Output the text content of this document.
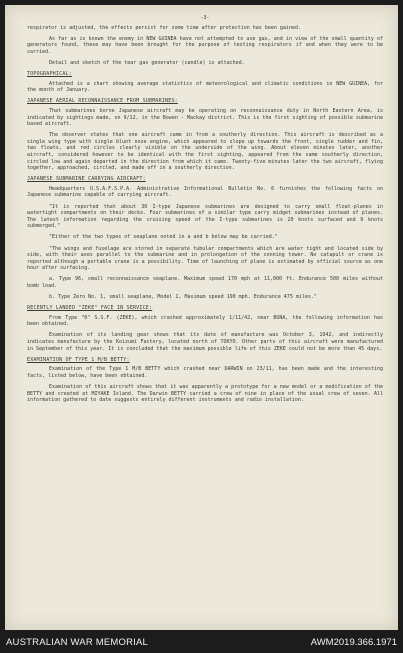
-3-

respirator is adjusted, the effects persist for some time after protection has been gained.

As far as is known the enemy in NEW GUINEA have not attempted to use gas, and in view of the small quantity of generators found, these may have been brought for the purpose of testing respirators if and when they were to be carried.

Detail and sketch of the tear gas generator (candle) is attached.

TOPOGRAPHICAL:

Attached is a chart showing average statistics of meteorological and climatic conditions in NEW GUINEA, for the month of January.

JAPANESE AERIAL RECONNAISSANCE FROM SUBMARINES:

That submarines borne Japanese aircraft may be operating on reconnaissance duty in North Eastern Area, is indicated by sightings made, on 9/12, in the Bowen - Mackay district. This is the first sighting of possible submarine based aircraft.

The observer states that one aircraft came in from a southerly direction. This aircraft is described as a single wing type with single blunt nose engine, which appeared to slope up towards the front, single rudder and fin, two floats, and red circles clearly visible on the underside of the wing. About eleven minutes later, another aircraft, considered however to be identical with the first sighting, appeared from the same southerly direction, circled low and again departed in the direction from which it came. Twenty-five minutes later the two aircraft, flying together, approached, circled, and made off in a southerly direction.

JAPANESE SUBMARINE CARRYING AIRCRAFT:

Headquarters U.S.A.F.S.P.A. Administrative Informational Bulletin No. 6 furnishes the following facts on Japanese submarine capable of carrying aircraft.

"It is reported that about 30 I-type Japanese submarines are designed to carry small float-planes in watertight compartments on their decks. Four submarines of a similar type carry midget submarines instead of planes. The latest information regarding the cruising speed of the I-type submarines is 20 knots surfaced and 9 knots submerged."

"Either of the two types of seaplane noted in a and b below may be carried."

"The wings and fuselage are stored in separate tubular compartments which are water tight and located side by side, with their axes parallel to the submarine and in prolongation of the conning tower. No catapult or crane is reported although a portable crane is a possibility. Time of launching of plane is estimated by official source as one hour after surfacing.

a. Type 96, small reconnaissance seaplane. Maximum speed 170 mph at 11,000 ft. Endurance 500 miles without bomb load.

b. Type Zero No. 1, small seaplane, Model 1, Maximum speed 190 mph. Endurance 475 miles."

RECENTLY LANDED "ZEKE" FACE IN SERVICE:

From Type "0" S.S.F. (ZEKE), which crashed approximately 1/11/42, near BUNA, the following information has been obtained.

Examination of its landing gear shows that its date of manufacture was October 3, 1942, and indirectly indicates manufacture by the Koizumi Factory, located north of TOKYO. Other parts of this aircraft were manufactured in September of this year. It is concluded that the maximum possible life of this ZEKE could not be more than 45 days.

EXAMINATION OF TYPE 1 M/B BETTY:

Examination of the Type 1 M/B BETTY which crashed near DARWIN on 23/11, has been made and the interesting facts, listed below, have been obtained.

Examination of this aircraft shows that it was apparently a prototype for a new model or a modification of the BETTY and created at MIYAKE Island. The Darwin BETTY carried a crew of nine in place of the usual crew of seven. All information gathered to date suggests entirely different instruments and radio installation.

AUSTRALIAN WAR MEMORIAL	AWM2019.366.1971
